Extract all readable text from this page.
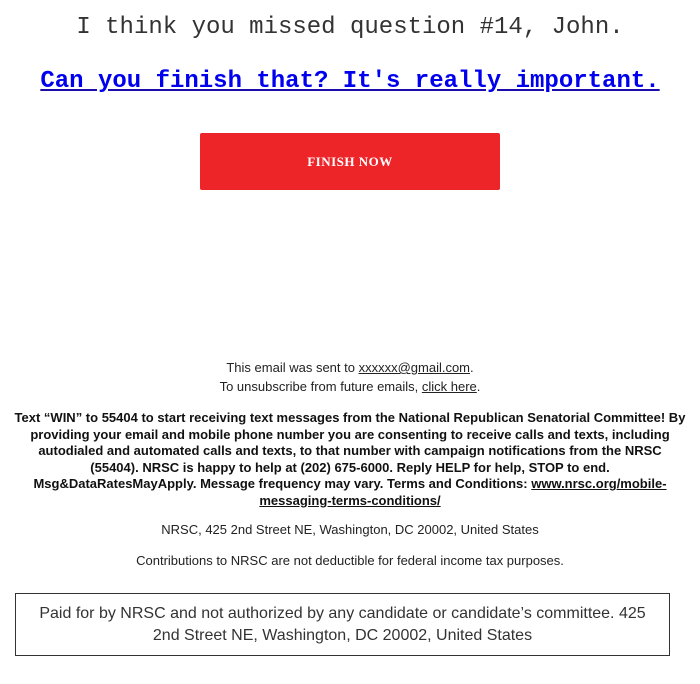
I think you missed question #14, John.
Can you finish that? It's really important.
FINISH NOW
This email was sent to xxxxxx@gmail.com.
To unsubscribe from future emails, click here.
Text “WIN” to 55404 to start receiving text messages from the National Republican Senatorial Committee! By providing your email and mobile phone number you are consenting to receive calls and texts, including autodialed and automated calls and texts, to that number with campaign notifications from the NRSC (55404). NRSC is happy to help at (202) 675-6000. Reply HELP for help, STOP to end. Msg&DataRatesMayApply. Message frequency may vary. Terms and Conditions: www.nrsc.org/mobile-messaging-terms-conditions/
NRSC, 425 2nd Street NE, Washington, DC 20002, United States
Contributions to NRSC are not deductible for federal income tax purposes.
Paid for by NRSC and not authorized by any candidate or candidate’s committee. 425 2nd Street NE, Washington, DC 20002, United States
